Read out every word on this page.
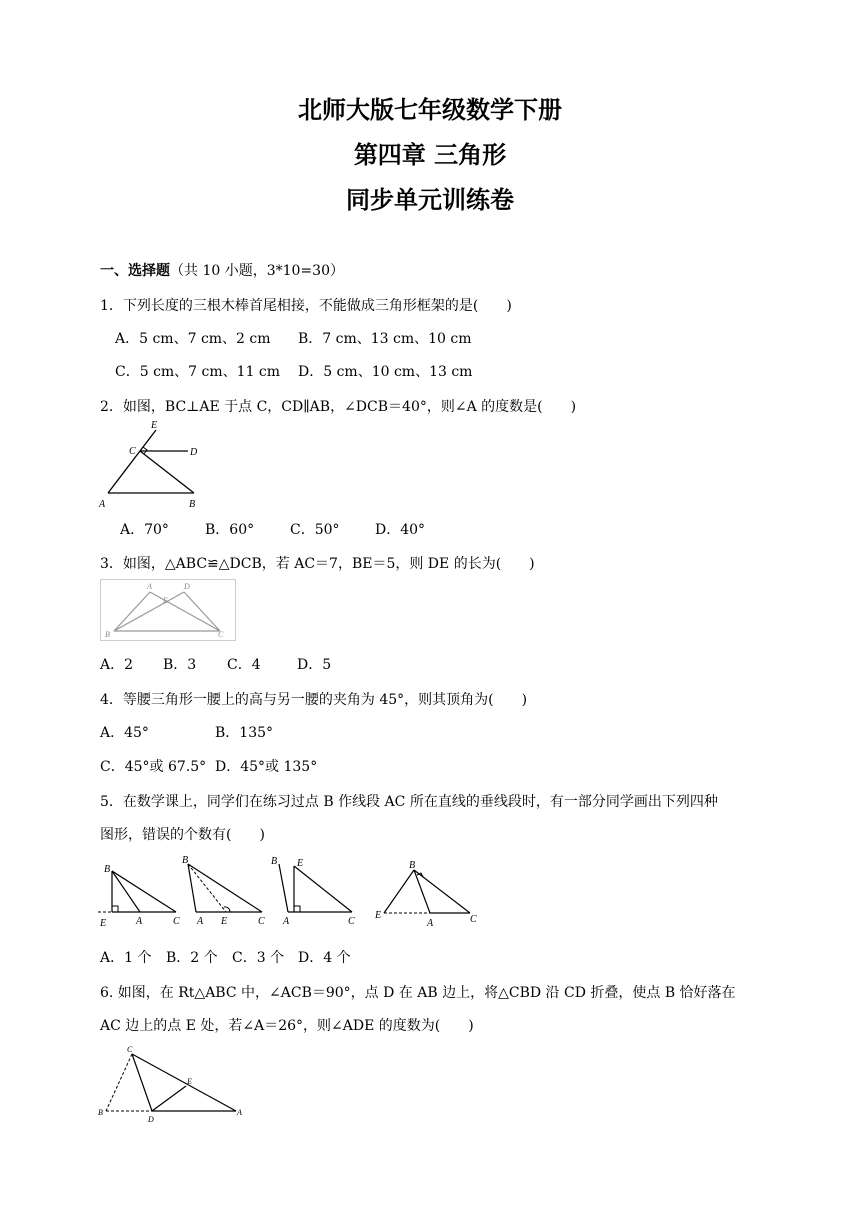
北师大版七年级数学下册
第四章 三角形
同步单元训练卷
一、选择题（共 10 小题，3*10=30）
1．下列长度的三根木棒首尾相接，不能做成三角形框架的是(　　)
A．5 cm、7 cm、2 cm B．7 cm、13 cm、10 cm
C．5 cm、7 cm、11 cm D．5 cm、10 cm、13 cm
2．如图，BC⊥AE 于点 C，CD∥AB，∠DCB＝40°，则∠A 的度数是(　　)
E
C	D
A	B
A．70°	B．60°	C．50°	D．40°
3．如图，△ABC≌△DCB，若 AC＝7，BE＝5，则 DE 的长为(　　)
A	D
E
B	C
A．2 B．3 C．4	D．5
4．等腰三角形一腰上的高与另一腰的夹角为 45°，则其顶角为(　　)
A．45°	B．135°
C．45°或 67.5° D．45°或 135°
5．在数学课上，同学们在练习过点 B 作线段 AC 所在直线的垂线段时，有一部分同学画出下列四种
图形，错误的个数有(　　)
B
E	A	C
B
A E	C
B E
A	C
B
E
A	C
A．1 个 B．2 个 C．3 个 D．4 个
6. 如图，在 Rt△ABC 中，∠ACB＝90°，点 D 在 AB 边上，将△CBD 沿 CD 折叠，使点 B 恰好落在
AC 边上的点 E 处，若∠A＝26°，则∠ADE 的度数为(　　)
C
E
B
D
A
